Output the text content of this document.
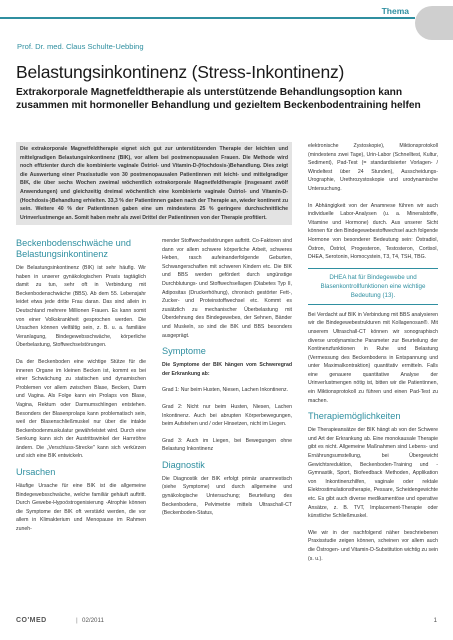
Thema
Prof. Dr. med. Claus Schulte-Uebbing
Belastungsinkontinenz (Stress-Inkontinenz)
Extrakorporale Magnetfeldtherapie als unterstützende Behandlungsoption kann zusammen mit hormoneller Behandlung und gezieltem Beckenbodentraining helfen

Die extrakorporale Magnetfeldtherapie eignet sich gut zur unterstützenden Therapie der leichten und mittelgradigen Belastungsinkontinenz (BIK), vor allem bei postmenopausalen Frauen. Die Methode wird noch effizienter durch die kombinierte vaginale Östriol- und Vitamin-D-(Hochdosis-)Behandlung. Dies zeigt die Auswertung einer Praxisstudie von 30 postmenopausalen Patientinnen mit leicht- und mittelgradiger BIK, die über sechs Wochen zweimal wöchentlich extrakorporale Magnetfeldtherapie (insgesamt zwölf Anwendungen) und gleichzeitig dreimal wöchentlich eine kombinierte vaginale Östriol- und Vitamin-D-(Hochdosis-)Behandlung erhielten. 33,3 % der Patientinnen gaben nach der Therapie an, wieder kontinent zu sein. Weitere 40 % der Patientinnen gaben eine um mindestens 25 % geringere durchschnittliche Urinverlustmenge an. Somit haben mehr als zwei Drittel der Patientinnen von der Therapie profitiert.

Beckenbodenschwäche und Belastungsinkontinenz

Die Belastungsinkontinenz (BIK) ist sehr häufig. Wir haben in unserer gynäkologischen Praxis tagtäglich damit zu tun, sehr oft in Verbindung mit Beckenbodenschwäche (BBS). Ab dem 55. Lebensjahr leidet etwa jede dritte Frau daran. Das sind allein in Deutschland mehrere Millionen Frauen. Es kann somit von einer Volkskrankheit gesprochen werden. Die Ursachen können vielfältig sein, z. B. u. a. familiäre Veranlagung, Bindegewebsschwäche, körperliche Überbelastung, Stoffwechselstörungen.

Da der Beckenboden eine wichtige Stütze für die inneren Organe im kleinen Becken ist, kommt es bei einer Schwächung zu statischen und dynamischen Problemen vor allem zwischen Blase, Becken, Darm und Vagina. Als Folge kann ein Prolaps von Blase, Vagina, Rektum oder Darmumschlingen entstehen. Besonders der Blasenprolaps kann problematisch sein, weil der Blasenschließmuskel nur über die intakte Beckenbodenmuskulatur gewährleistet wird. Durch eine Senkung kann sich der Austrittswinkel der Harnröhre ändern. Die „Verschluss-Strecke" kann sich verkürzen und sich eine BIK entwickeln.

Ursachen

Häufige Ursache für eine BIK ist die allgemeine Bindegewebsschwäche, welche familiär gehäuft auftritt. Durch Gewebe-Hypoöstrogenisierung -Atrophie können die Symptome der BIK oft verstärkt werden, die vor allem in Klimakterium und Menopause im Rahmen zuneh-

mender Stoffwechselstörungen auftritt. Co-Faktoren sind dann vor allem schwere körperliche Arbeit, schweres Heben, rasch aufeinanderfolgende Geburten, Schwangerschaften mit schweren Kindern etc. Die BIK und BBS werden gefördert durch ungünstige Durchblutungs- und Stoffwechsellagen (Diabetes Typ II, Adipositas (Druckerhöhung), chronisch gestörter Fett-, Zucker- und Proteinstoffwechsel etc. Kommt es zusätzlich zu mechanischer Überbelastung mit Überdehnung des Bindegewebes, der Sehnen, Bänder und Muskeln, so sind die BIK und BBS besonders ausgeprägt.

Symptome

Die Symptome der BIK hängen vom Schweregrad der Erkrankung ab:

Grad 1: Nur beim Husten, Niesen, Lachen Inkontinenz.

Grad 2: Nicht nur beim Husten, Niesen, Lachen Inkontinenz. Auch bei abrupten Körperbewegungen, beim Aufstehen und / oder Hinsetzen, nicht im Liegen.

Grad 3: Auch im Liegen, bei Bewegungen ohne Belastung Inkontinenz

Diagnostik

Die Diagnostik der BIK erfolgt primär anamnestisch (siehe Symptome) und durch allgemeine und gynäkologische Untersuchung; Beurteilung des Beckenbodens, Pelvimetrie mittels Ultraschall-CT (Beckenboden-Status,

elektronische Zystoskopie), Miktionsprotokoll (mindestens zwei Tage), Urin-Labor (Schnelltest, Kultur, Sediment), Pad-Test (= standardisierter Vorlagen- / Windeltest über 24 Stunden), Ausscheidungs-Urographie, Urethrozystoskopie und urodynamische Untersuchung.

In Abhängigkeit von der Anamnese führen wir auch individuelle Labor-Analysen (u. a. Mineralstoffe, Vitamine und Hormone) durch. Aus unserer Sicht können für den Bindegewebestoffwechsel auch folgende Hormone von besonderer Bedeutung sein: Östradiol, Östron, Östriol, Progesteron, Testosteron, Cortisol, DHEA, Serotonin, Homocystein, T3, T4, TSH, TBG.

DHEA hat für Bindegewebe und Blasenkontrollfunktionen eine wichtige Bedeutung (13).

Bei Verdacht auf BIK in Verbindung mit BBS analysieren wir die Bindegewebestrukturen mit Kollagenosan®. Mit unserem Ultraschall-CT können wir sonographisch diverse urodynamische Parameter zur Beurteilung der Kontinenzfunktionen in Ruhe und Belastung (Vermessung des Beckenbodens in Entspannung und unter Maximalkontraktion) quantitativ ermitteln. Falls eine genauere quantitative Analyse der Urinverlustmengen nötig ist, bitten wir die Patientinnen, ein Miktionsprotokoll zu führen und einen Pad-Test zu machen.

Therapiemöglichkeiten

Die Therapieansätze der BIK hängt ab von der Schwere und Art der Erkrankung ab. Eine monokausale Therapie gibt es nicht. Allgemeine Maßnahmen sind Lebens- und Ernährungsumstellung, bei Übergewicht Gewichtsreduktion, Beckenboden-Training und -Gymnastik, Sport, Biofeedback Methoden, Applikation von Inkontinenzhilfen, vaginale oder rektale Elektrostimulationstherapie, Pessare, Scheidengewichte etc. Es gibt auch diverse medikamentöse und operative Ansätze, z. B. TVT, Implacement-Therapie oder künstliche Schließmuskel.

Wie wir in der nachfolgend näher beschriebenen Praxisstudie zeigen können, scheinen vor allem auch die Östrogen- und Vitamin-D-Substitution wichtig zu sein (s. u.).

CO'MED	| 02/2011	1
